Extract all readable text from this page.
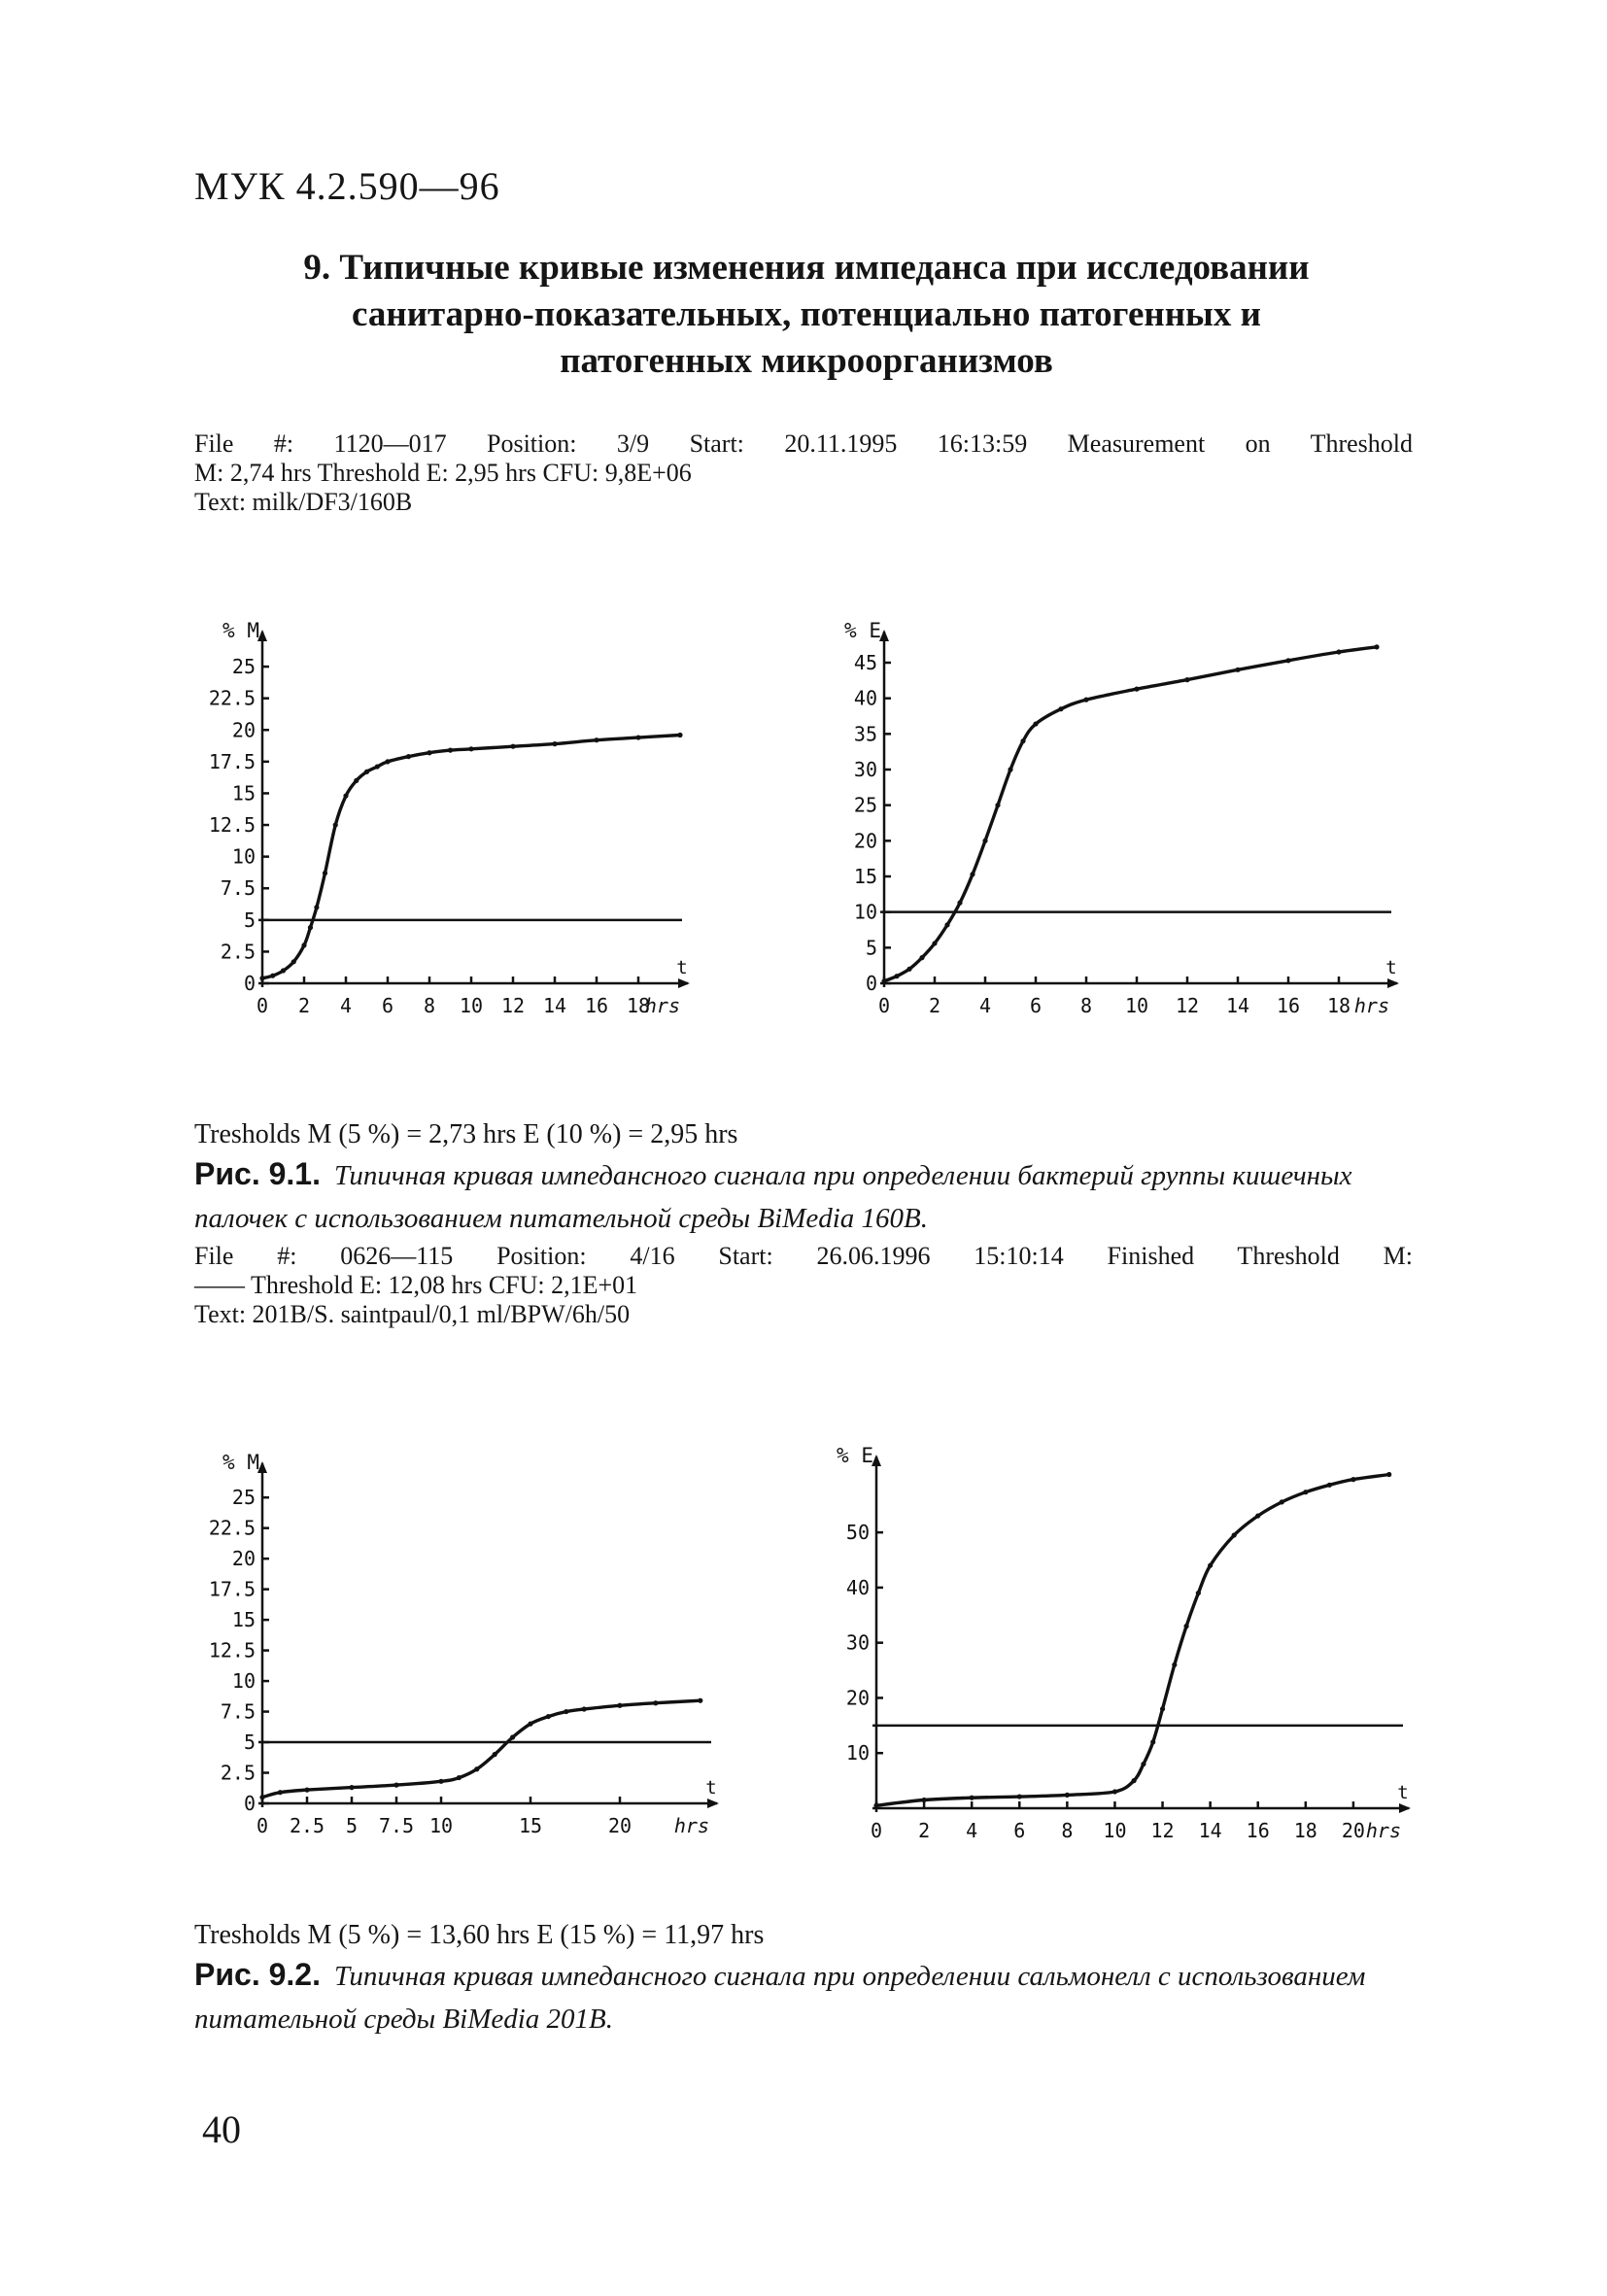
МУК 4.2.590—96
9. Типичные кривые изменения импеданса при исследовании
санитарно-показательных, потенциально патогенных и
патогенных микроорганизмов
File #: 1120—017 Position: 3/9 Start: 20.11.1995 16:13:59 Measurement on Threshold
M: 2,74 hrs Threshold E: 2,95 hrs CFU: 9,8E+06
Text: milk/DF3/160B
% M
t
0
2.5
5
7.5
10
12.5
15
17.5
20
22.5
25
0 2 4 6 8 10 12 14 16 18
hrs
% E
t
0
5
10
15
20
25
30
35
40
45
0 2 4 6 8 10 12 14 16 18 hrs
Tresholds M (5 %) = 2,73 hrs E (10 %) = 2,95 hrs
Рис. 9.1. Типичная кривая импедансного сигнала при определении бактерий группы кишечных палочек с использованием питательной среды BiMedia 160B.
File #: 0626—115 Position: 4/16 Start: 26.06.1996 15:10:14 Finished Threshold M:
—— Threshold E: 12,08 hrs CFU: 2,1E+01
Text: 201B/S. saintpaul/0,1 ml/BPW/6h/50
% M
t
0
2.5
5
7.5
10
12.5
15
17.5
20
22.5
25
0 2.5 5 7.5 10	15	20 hrs
% E
t
10
20
30
40
50
0 2 4 6 8 10 12 14 16 18 20 hrs
Tresholds M (5 %) = 13,60 hrs E (15 %) = 11,97 hrs
Рис. 9.2. Типичная кривая импедансного сигнала при определении сальмонелл с использованием питательной среды BiMedia 201B.
40
